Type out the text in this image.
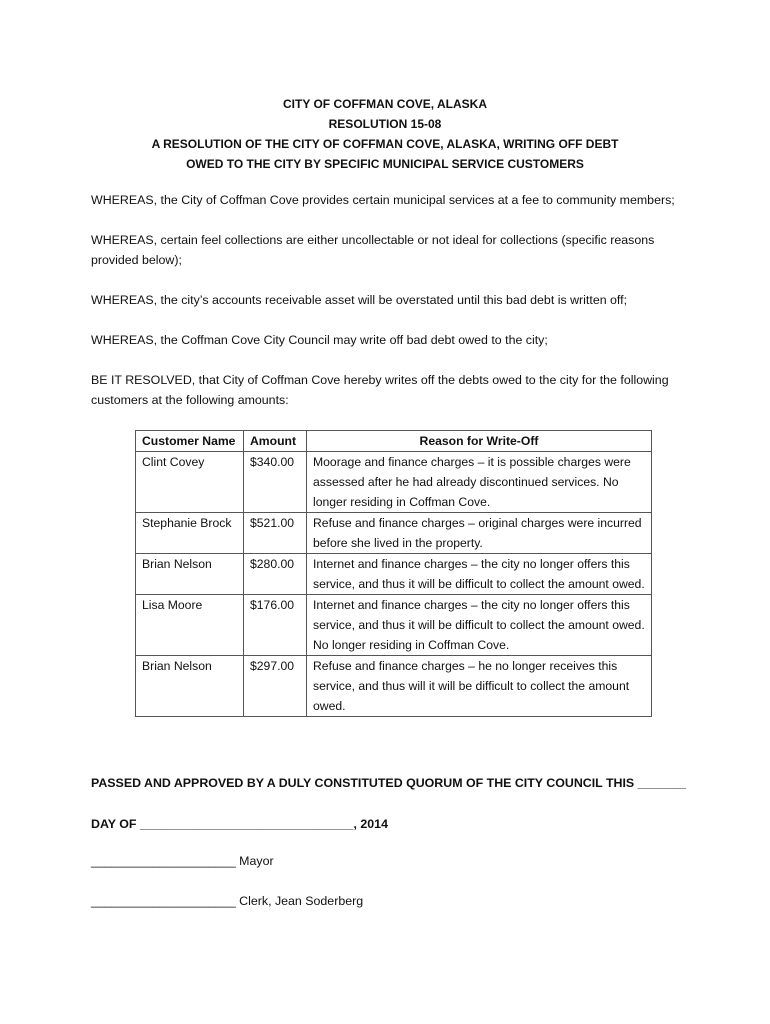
CITY OF COFFMAN COVE, ALASKA
RESOLUTION 15-08
A RESOLUTION OF THE CITY OF COFFMAN COVE, ALASKA, WRITING OFF DEBT
OWED TO THE CITY BY SPECIFIC MUNICIPAL SERVICE CUSTOMERS
WHEREAS, the City of Coffman Cove provides certain municipal services at a fee to community members;
WHEREAS, certain feel collections are either uncollectable or not ideal for collections (specific reasons provided below);
WHEREAS, the city’s accounts receivable asset will be overstated until this bad debt is written off;
WHEREAS, the Coffman Cove City Council may write off bad debt owed to the city;
BE IT RESOLVED, that City of Coffman Cove hereby writes off the debts owed to the city for the following customers at the following amounts:
Customer Name	Amount	Reason for Write-Off
Clint Covey	$340.00	Moorage and finance charges – it is possible charges were assessed after he had already discontinued services. No longer residing in Coffman Cove.
Stephanie Brock	$521.00	Refuse and finance charges – original charges were incurred before she lived in the property.
Brian Nelson	$280.00	Internet and finance charges – the city no longer offers this service, and thus it will be difficult to collect the amount owed.
Lisa Moore	$176.00	Internet and finance charges – the city no longer offers this service, and thus it will be difficult to collect the amount owed. No longer residing in Coffman Cove.
Brian Nelson	$297.00	Refuse and finance charges – he no longer receives this service, and thus will it will be difficult to collect the amount owed.
PASSED AND APPROVED BY A DULY CONSTITUTED QUORUM OF THE CITY COUNCIL THIS _______
DAY OF _______________________________, 2014
_____________________ Mayor
_____________________ Clerk, Jean Soderberg
